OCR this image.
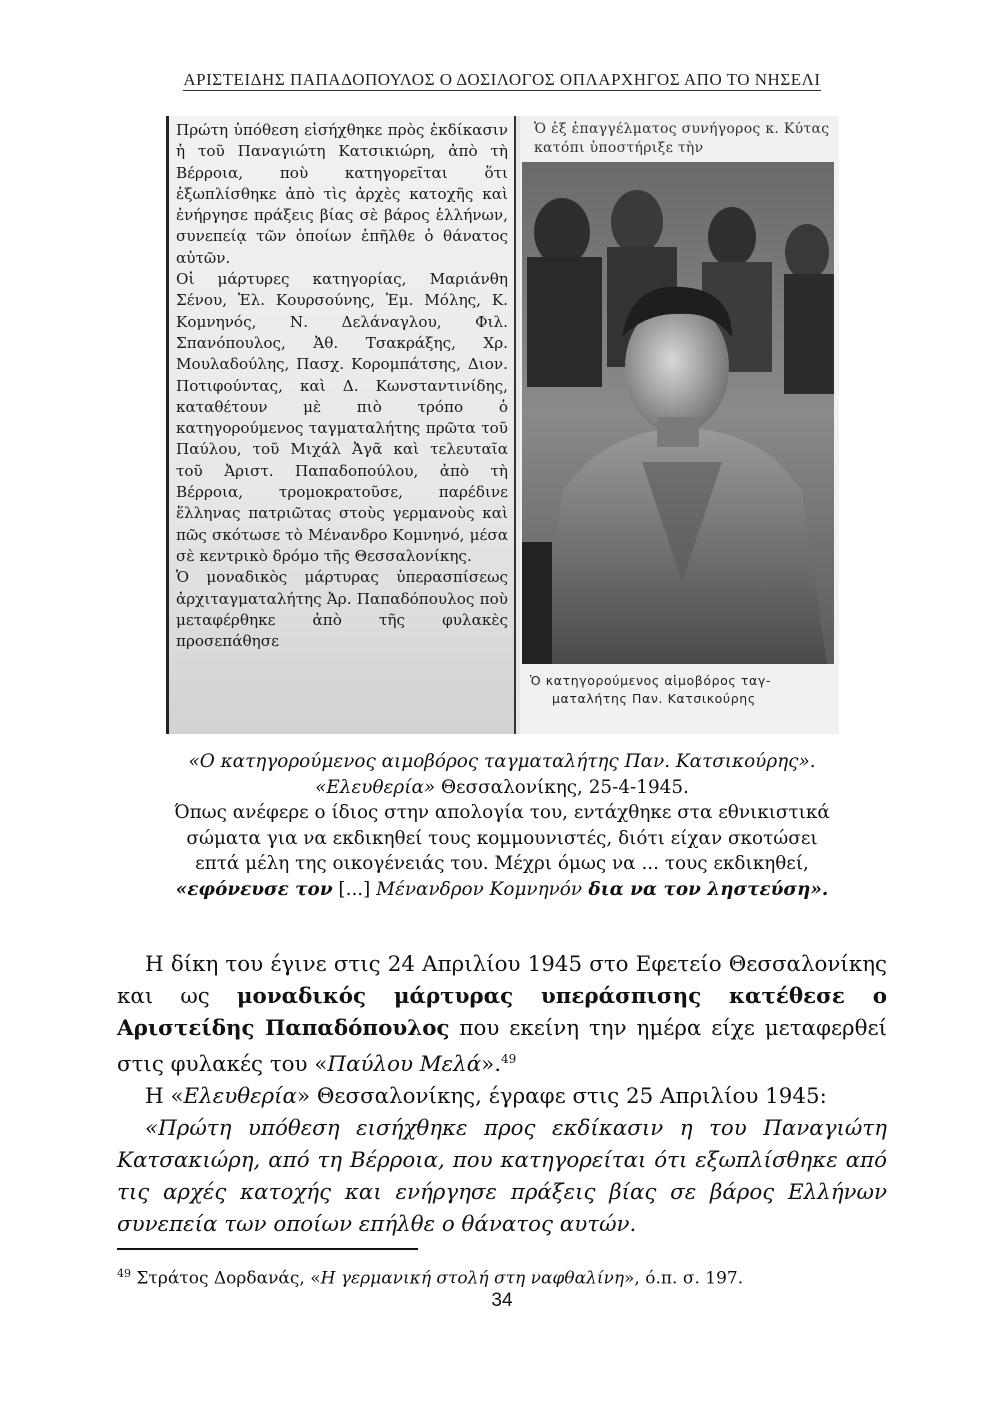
ΑΡΙΣΤΕΙΔΗΣ ΠΑΠΑΔΟΠΟΥΛΟΣ Ο ΔΟΣΙΛΟΓΟΣ ΟΠΛΑΡΧΗΓΟΣ ΑΠΟ ΤΟ ΝΗΣΕΛΙ

Πρώτη ὑπόθεση εἰσήχθηκε πρὸς ἐκδίκασιν ἡ τοῦ Παναγιώτη Κατσικιώρη, ἀπὸ τὴ Βέρροια, ποὺ κατηγορεῖται ὅτι ἐξωπλίσθηκε ἀπὸ τὶς ἀρχὲς κατοχῆς καὶ ἐνήργησε πράξεις βίας σὲ βάρος ἑλλήνων, συνεπείᾳ τῶν ὁποίων ἐπῆλθε ὁ θάνατος αὐτῶν.

Οἱ μάρτυρες κατηγορίας, Μαριάνθη Σένου, Ἑλ. Κουρσούνης, Ἐμ. Μόλης, Κ. Κομνηνός, Ν. Δελάναγλου, Φιλ. Σπανόπουλος, Ἀθ. Τσακράξης, Χρ. Μουλαδούλης, Πασχ. Κορομπάτσης, Διον. Ποτιφούντας, καὶ Δ. Κωνσταντινίδης, καταθέτουν μὲ πιὸ τρόπο ὁ κατηγορούμενος ταγματαλήτης πρῶτα τοῦ Παύλου, τοῦ Μιχάλ Ἀγᾶ καὶ τελευταῖα τοῦ Ἀριστ. Παπαδοπούλου, ἀπὸ τὴ Βέρροια, τρομοκρατοῦσε, παρέδινε ἕλληνας πατριῶτας στοὺς γερμανοὺς καὶ πῶς σκότωσε τὸ Μένανδρο Κομνηνό, μέσα σὲ κεντρικὸ δρόμο τῆς Θεσσαλονίκης.

Ὁ μοναδικὸς μάρτυρας ὑπερασπίσεως ἀρχιταγματαλήτης Ἀρ. Παπαδόπουλος ποὺ μεταφέρθηκε ἀπὸ τῆς φυλακὲς προσεπάθησε

Ὁ ἐξ ἐπαγγέλματος συνήγορος κ. Κύτας κατόπι ὑποστήριξε τὴν
Ὁ κατηγορούμενος αἱμοβόρος ταγ-
ματαλήτης Παν. Κατσικούρης

«Ο κατηγορούμενος αιμοβόρος ταγματαλήτης Παν. Κατσικούρης».

«Ελευθερία» Θεσσαλονίκης, 25-4-1945.

Όπως ανέφερε ο ίδιος στην απολογία του, εντάχθηκε στα εθνικιστικά

σώματα για να εκδικηθεί τους κομμουνιστές, διότι είχαν σκοτώσει

επτά μέλη της οικογένειάς του. Μέχρι όμως να ... τους εκδικηθεί,

«εφόνευσε τον [...] Μένανδρον Κομνηνόν δια να τον ληστεύση».

Η δίκη του έγινε στις 24 Απριλίου 1945 στο Εφετείο Θεσσαλονίκης και ως μοναδικός μάρτυρας υπεράσπισης κατέθεσε ο Αριστείδης Παπαδόπουλος που εκείνη την ημέρα είχε μεταφερθεί στις φυλακές του «Παύλου Μελά».$^{49}$

Η «Ελευθερία» Θεσσαλονίκης, έγραφε στις 25 Απριλίου 1945:

«Πρώτη υπόθεση εισήχθηκε προς εκδίκασιν η του Παναγιώτη Κατσακιώρη, από τη Βέρροια, που κατηγορείται ότι εξωπλίσθηκε από τις αρχές κατοχής και ενήργησε πράξεις βίας σε βάρος Ελλήνων συνεπεία των οποίων επήλθε ο θάνατος αυτών.

$^{49}$ Στράτος Δορδανάς, «Η γερμανική στολή στη ναφθαλίνη», ό.π. σ. 197.
34
